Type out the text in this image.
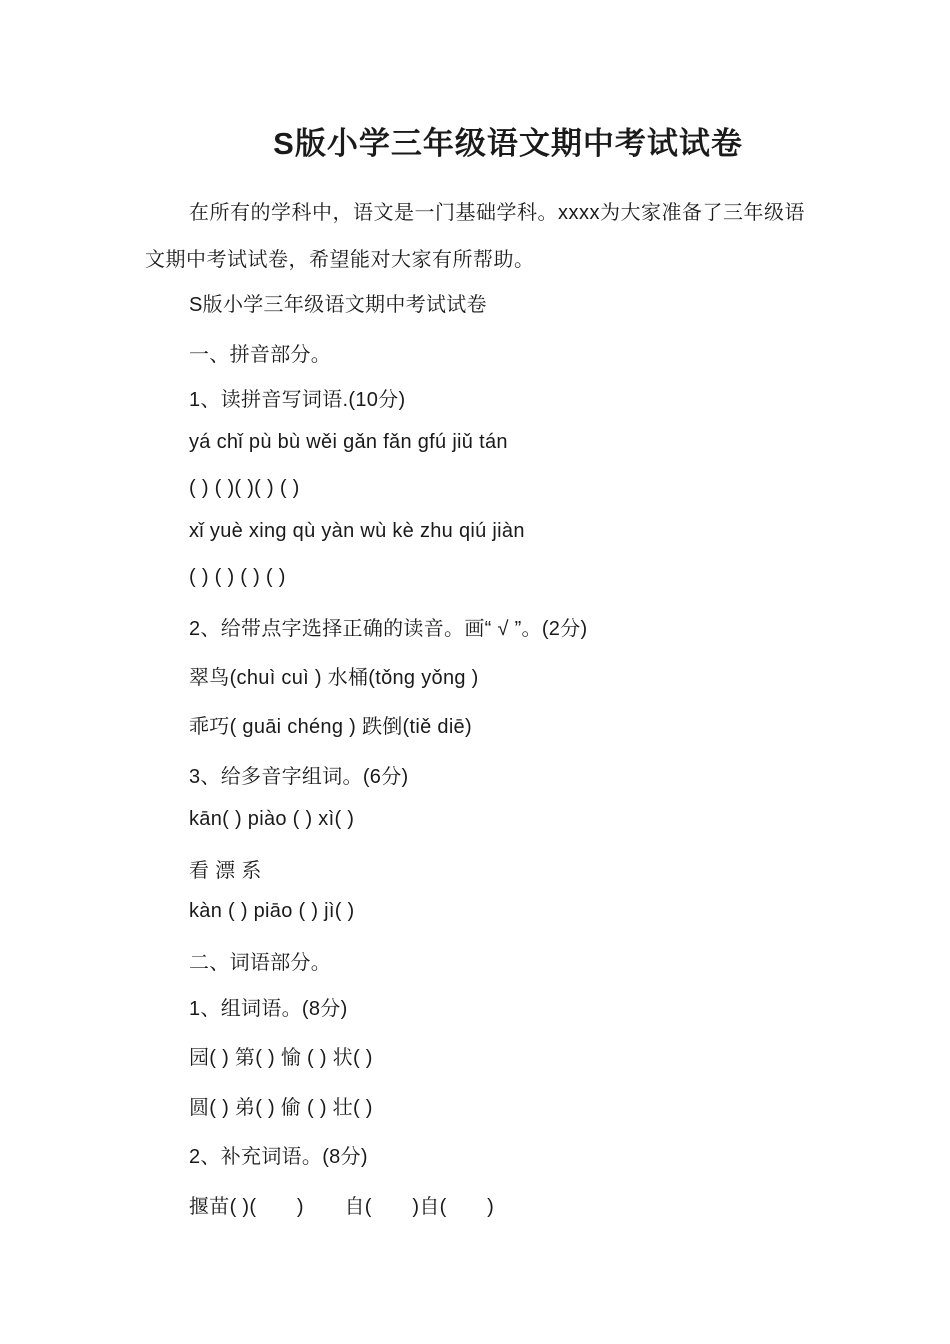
S版小学三年级语文期中考试试卷
在所有的学科中，语文是一门基础学科。xxxx为大家准备了三年级语文期中考试试卷，希望能对大家有所帮助。
S版小学三年级语文期中考试试卷
一、拼音部分。
1、读拼音写词语.(10分)
yá chǐ pù bù wěi gǎn fǎn gfú jiǔ tán
( ) ( )( )( ) ( )
xǐ yuè xing qù yàn wù kè zhu qiú jiàn
( ) ( ) ( ) ( )
2、给带点字选择正确的读音。画“ √ ”。(2分)
翠鸟(chuì cuì ) 水桶(tǒng yǒng )
乖巧( guāi chéng ) 跌倒(tiě diē)
3、给多音字组词。(6分)
kān( ) piào ( ) xì( )
看 漂 系
kàn ( ) piāo ( ) jì( )
二、词语部分。
1、组词语。(8分)
园( ) 第( ) 愉 ( ) 状( )
圆( ) 弟( ) 偷 ( ) 壮( )
2、补充词语。(8分)
揠苗( )(　　)　　自(　　)自(　　)
